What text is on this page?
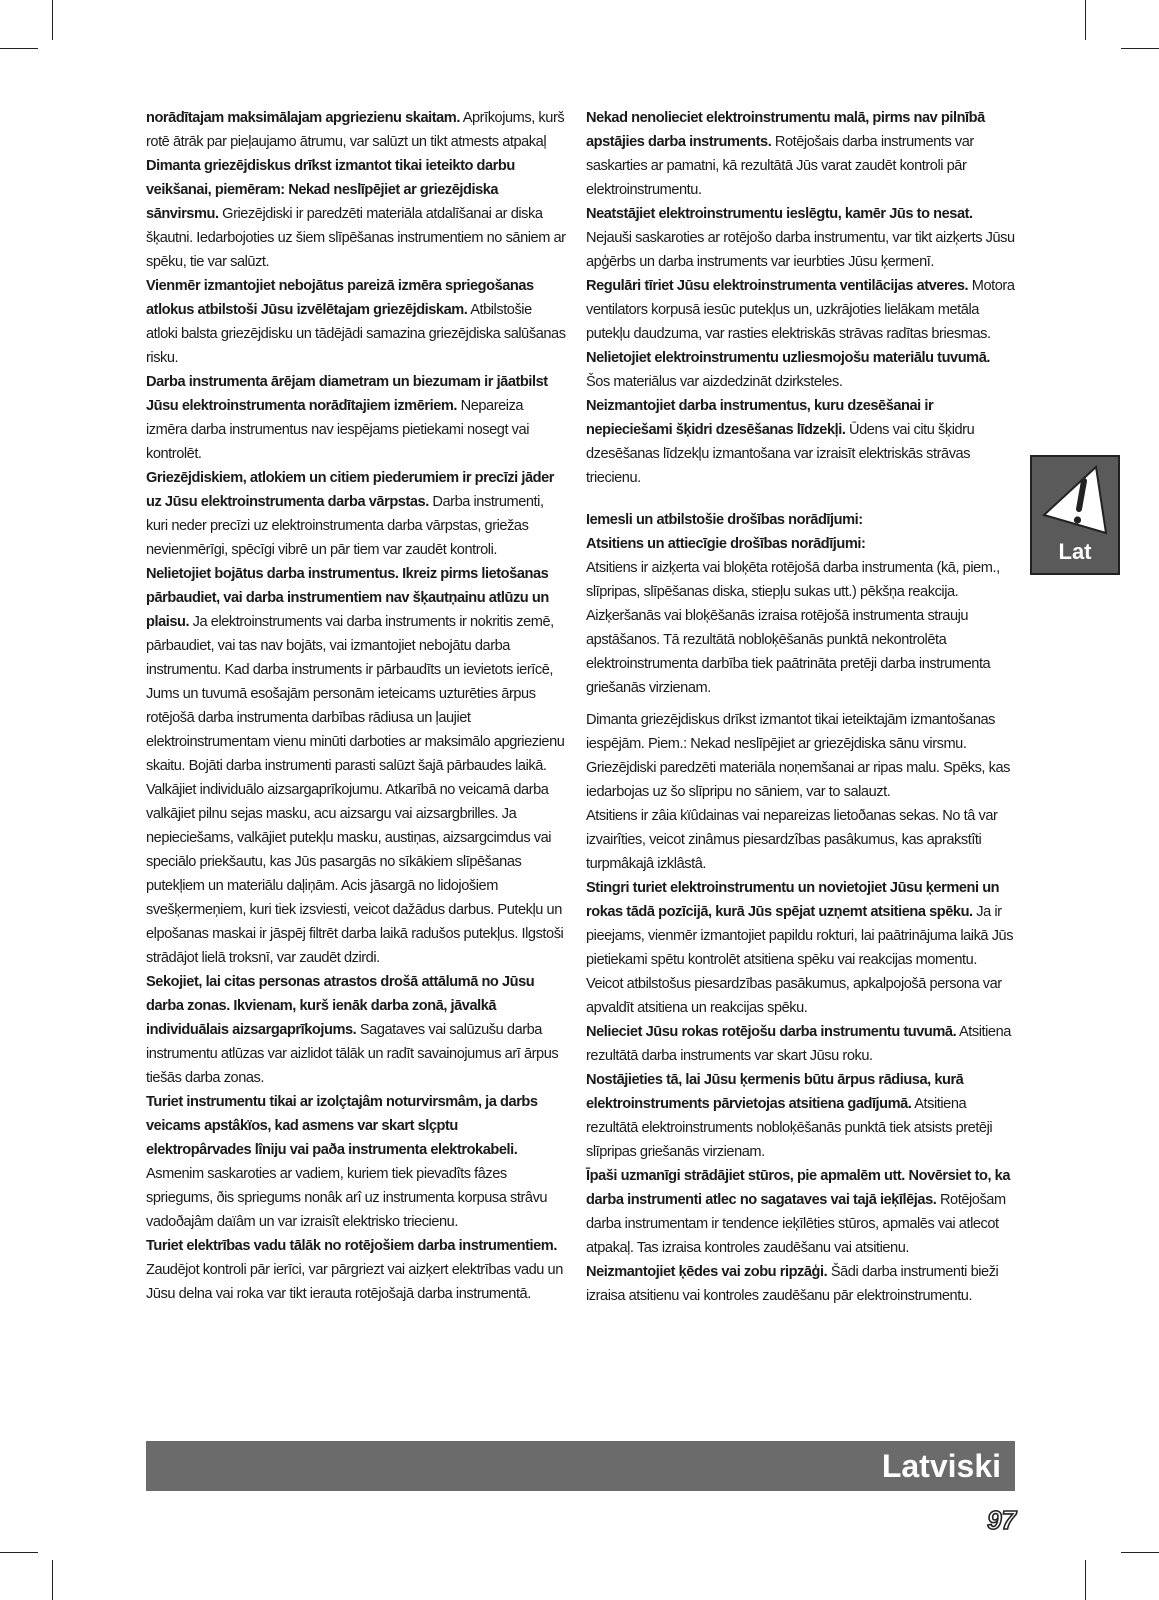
norādītajam maksimālajam apgriezienu skaitam. Aprīkojums, kurš rotē ātrāk par pieļaujamo ātrumu, var salūzt un tikt atmests atpakaļ

Dimanta griezējdiskus drīkst izmantot tikai ieteikto darbu veikšanai, piemēram: Nekad neslīpējiet ar griezējdiska sānvirsmu. Griezējdiski ir paredzēti materiāla atdalīšanai ar diska šķautni. Iedarbojoties uz šiem slīpēšanas instrumentiem no sāniem ar spēku, tie var salūzt.

Vienmēr izmantojiet nebojātus pareizā izmēra spriegošanas atlokus atbilstoši Jūsu izvēlētajam griezējdiskam. Atbilstošie atloki balsta griezējdisku un tādējādi samazina griezējdiska salūšanas risku.

Darba instrumenta ārējam diametram un biezumam ir jāatbilst Jūsu elektroinstrumenta norādītajiem izmēriem. Nepareiza izmēra darba instrumentus nav iespējams pietiekami nosegt vai kontrolēt.

Griezējdiskiem, atlokiem un citiem piederumiem ir precīzi jāder uz Jūsu elektroinstrumenta darba vārpstas. Darba instrumenti, kuri neder precīzi uz elektroinstrumenta darba vārpstas, griežas nevienmērīgi, spēcīgi vibrē un pār tiem var zaudēt kontroli.

Nelietojiet bojātus darba instrumentus. Ikreiz pirms lietošanas pārbaudiet, vai darba instrumentiem nav šķautņainu atlūzu un plaisu. Ja elektroinstruments vai darba instruments ir nokritis zemē, pārbaudiet, vai tas nav bojāts, vai izmantojiet nebojātu darba instrumentu. Kad darba instruments ir pārbaudīts un ievietots ierīcē, Jums un tuvumā esošajām personām ieteicams uzturēties ārpus rotējošā darba instrumenta darbības rādiusa un ļaujiet elektroinstrumentam vienu minūti darboties ar maksimālo apgriezienu skaitu. Bojāti darba instrumenti parasti salūzt šajā pārbaudes laikā.

Valkājiet individuālo aizsargaprīkojumu. Atkarībā no veicamā darba valkājiet pilnu sejas masku, acu aizsargu vai aizsargbrilles. Ja nepieciešams, valkājiet putekļu masku, austiņas, aizsargcimdus vai speciālo priekšautu, kas Jūs pasargās no sīkākiem slīpēšanas putekļiem un materiālu daļiņām. Acis jāsargā no lidojošiem svešķermeņiem, kuri tiek izsviesti, veicot dažādus darbus. Putekļu un elpošanas maskai ir jāspēj filtrēt darba laikā radušos putekļus. Ilgstoši strādājot lielā troksnī, var zaudēt dzirdi.

Sekojiet, lai citas personas atrastos drošā attālumā no Jūsu darba zonas. Ikvienam, kurš ienāk darba zonā, jāvalkā individuālais aizsargaprīkojums. Sagataves vai salūzušu darba instrumentu atlūzas var aizlidot tālāk un radīt savainojumus arī ārpus tiešās darba zonas.

Turiet instrumentu tikai ar izolçtajâm noturvirsmâm, ja darbs veicams apstâkïos, kad asmens var skart slçptu elektropârvades lîniju vai paða instrumenta elektrokabeli. Asmenim saskaroties ar vadiem, kuriem tiek pievadîts fâzes spriegums, ðis spriegums nonâk arî uz instrumenta korpusa strâvu vadoðajâm daïâm un var izraisît elektrisko triecienu.

Turiet elektrības vadu tālāk no rotējošiem darba instrumentiem. Zaudējot kontroli pār ierīci, var pārgriezt vai aizķert elektrības vadu un Jūsu delna vai roka var tikt ierauta rotējošajā darba instrumentā.

Nekad nenolieciet elektroinstrumentu malā, pirms nav pilnībā apstājies darba instruments. Rotējošais darba instruments var saskarties ar pamatni, kā rezultātā Jūs varat zaudēt kontroli pār elektroinstrumentu.

Neatstājiet elektroinstrumentu ieslēgtu, kamēr Jūs to nesat. Nejauši saskaroties ar rotējošo darba instrumentu, var tikt aizķerts Jūsu apģērbs un darba instruments var ieurbties Jūsu ķermenī.

Regulāri tīriet Jūsu elektroinstrumenta ventilācijas atveres. Motora ventilators korpusā iesūc putekļus un, uzkrājoties lielākam metāla putekļu daudzuma, var rasties elektriskās strāvas radītas briesmas.

Nelietojiet elektroinstrumentu uzliesmojošu materiālu tuvumā. Šos materiālus var aizdedzināt dzirksteles.

Neizmantojiet darba instrumentus, kuru dzesēšanai ir nepieciešami šķidri dzesēšanas līdzekļi. Ūdens vai citu šķidru dzesēšanas līdzekļu izmantošana var izraisīt elektriskās strāvas triecienu.

Iemesli un atbilstošie drošības norādījumi:

Atsitiens un attiecīgie drošības norādījumi:

Atsitiens ir aizķerta vai bloķēta rotējošā darba instrumenta (kā, piem., slīpripas, slīpēšanas diska, stiepļu sukas utt.) pēkšņa reakcija. Aizķeršanās vai bloķēšanās izraisa rotējošā instrumenta strauju apstāšanos. Tā rezultātā nobloķēšanās punktā nekontrolēta elektroinstrumenta darbība tiek paātrināta pretēji darba instrumenta griešanās virzienam.

Dimanta griezējdiskus drīkst izmantot tikai ieteiktajām izmantošanas iespējām. Piem.: Nekad neslīpējiet ar griezējdiska sānu virsmu. Griezējdiski paredzēti materiāla noņemšanai ar ripas malu. Spēks, kas iedarbojas uz šo slīpripu no sāniem, var to salauzt.

Atsitiens ir zâia kïûdainas vai nepareizas lietoðanas sekas. No tâ var izvairîties, veicot zinâmus piesardzîbas pasâkumus, kas aprakstîti turpmâkajâ izklâstâ.

Stingri turiet elektroinstrumentu un novietojiet Jūsu ķermeni un rokas tādā pozīcijā, kurā Jūs spējat uzņemt atsitiena spēku. Ja ir pieejams, vienmēr izmantojiet papildu rokturi, lai paātrinājuma laikā Jūs pietiekami spētu kontrolēt atsitiena spēku vai reakcijas momentu. Veicot atbilstošus piesardzības pasākumus, apkalpojošā persona var apvaldīt atsitiena un reakcijas spēku.

Nelieciet Jūsu rokas rotējošu darba instrumentu tuvumā. Atsitiena rezultātā darba instruments var skart Jūsu roku.

Nostājieties tā, lai Jūsu ķermenis būtu ārpus rādiusa, kurā elektroinstruments pārvietojas atsitiena gadījumā. Atsitiena rezultātā elektroinstruments nobloķēšanās punktā tiek atsists pretēji slīpripas griešanās virzienam.

Īpaši uzmanīgi strādājiet stūros, pie apmalēm utt. Novērsiet to, ka darba instrumenti atlec no sagataves vai tajā ieķīlējas. Rotējošam darba instrumentam ir tendence ieķīlēties stūros, apmalēs vai atlecot atpakaļ. Tas izraisa kontroles zaudēšanu vai atsitienu.

Neizmantojiet ķēdes vai zobu ripzāģi. Šādi darba instrumenti bieži izraisa atsitienu vai kontroles zaudēšanu pār elektroinstrumentu.

Lat
Latviski
97
